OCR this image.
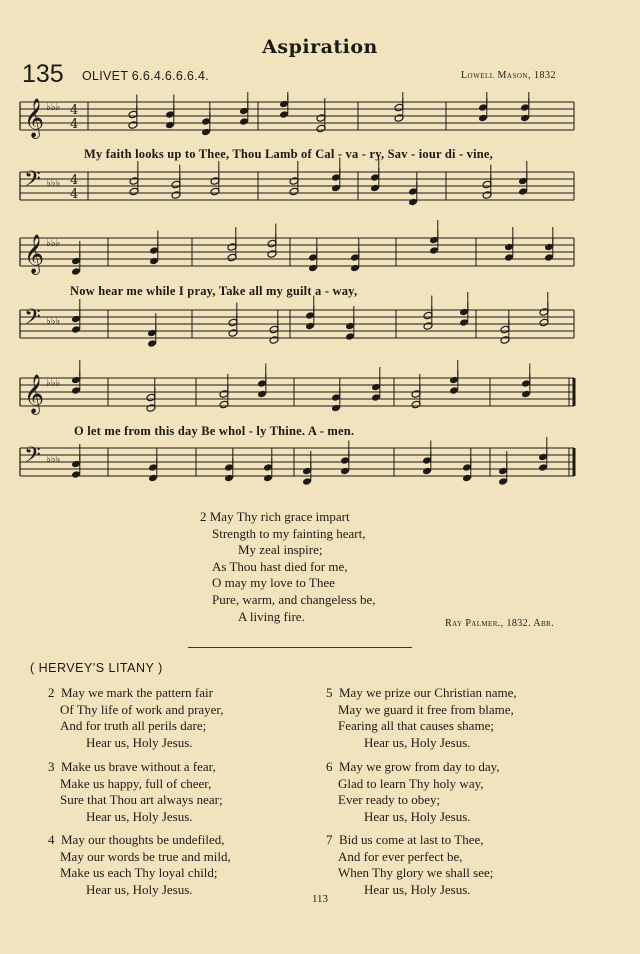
Aspiration
135 OLIVET 6.6.4.6.6.6.4.	Lowell Mason, 1832
𝄞 ♭♭♭ 4
4
𝄢 ♭♭♭ 4
4
𝄞 ♭♭♭
𝄢 ♭♭♭
𝄞 ♭♭♭
𝄢 ♭♭♭
My faith looks up to Thee, Thou Lamb of Cal - va - ry, Sav - iour di - vine,
Now hear me while I pray, Take all my guilt a - way,
O let me from this day Be whol - ly Thine. A - men.
2 May Thy rich grace impart
Strength to my fainting heart,
My zeal inspire;
As Thou hast died for me,
O may my love to Thee
Pure, warm, and changeless be,
A living fire.	Ray Palmer., 1832. Abr.
( HERVEY'S LITANY )
2 May we mark the pattern fair
Of Thy life of work and prayer,
And for truth all perils dare;
Hear us, Holy Jesus.
3 Make us brave without a fear,
Make us happy, full of cheer,
Sure that Thou art always near;
Hear us, Holy Jesus.
4 May our thoughts be undefiled,
May our words be true and mild,
Make us each Thy loyal child;
Hear us, Holy Jesus.
5 May we prize our Christian name,
May we guard it free from blame,
Fearing all that causes shame;
Hear us, Holy Jesus.
6 May we grow from day to day,
Glad to learn Thy holy way,
Ever ready to obey;
Hear us, Holy Jesus.
7 Bid us come at last to Thee,
And for ever perfect be,
When Thy glory we shall see;
Hear us, Holy Jesus.
113
